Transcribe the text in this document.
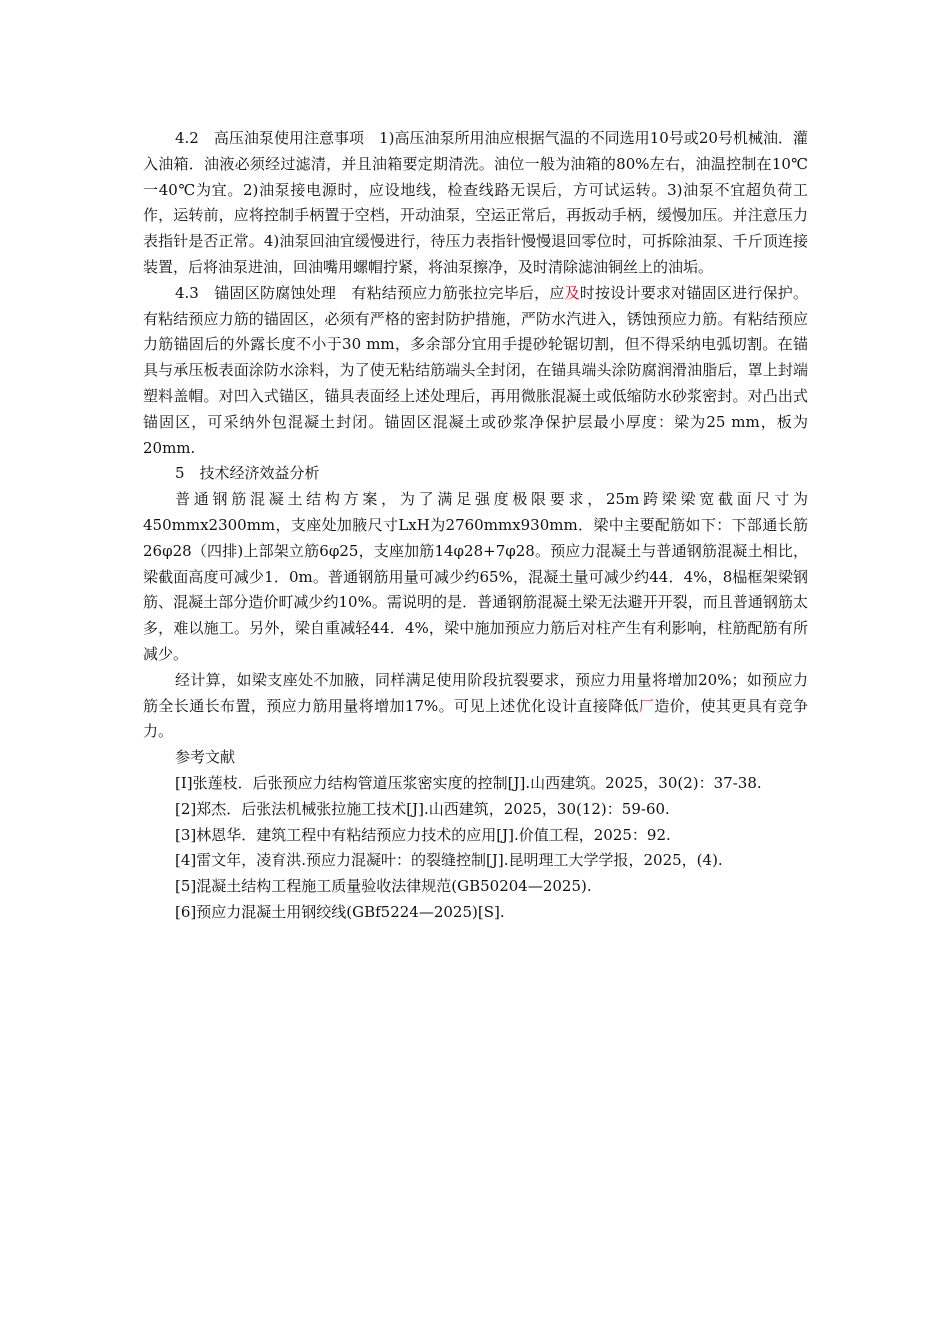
4.2　高压油泵使用注意事项　1)高压油泵所用油应根据气温的不同选用10号或20号机械油．灌入油箱．油液必须经过滤清，并且油箱要定期清洗。油位一般为油箱的80%左右，油温控制在10℃一40℃为宜。2)油泵接电源时，应设地线，检查线路无误后，方可试运转。3)油泵不宜超负荷工作，运转前，应将控制手柄置于空档，开动油泵，空运正常后，再扳动手柄，缓慢加压。并注意压力表指针是否正常。4)油泵回油宜缓慢进行，待压力表指针慢慢退回零位时，可拆除油泵、千斤顶连接装置，后将油泵进油，回油嘴用螺帽拧紧，将油泵擦净，及时清除滤油铜丝上的油垢。

4.3　锚固区防腐蚀处理　有粘结预应力筋张拉完毕后，应及时按设计要求对锚固区进行保护。有粘结预应力筋的锚固区，必须有严格的密封防护措施，严防水汽进入，锈蚀预应力筋。有粘结预应力筋锚固后的外露长度不小于30 mm，多余部分宜用手提砂轮锯切割，但不得采纳电弧切割。在锚具与承压板表面涂防水涂料，为了使无粘结筋端头全封闭，在锚具端头涂防腐润滑油脂后，罩上封端塑料盖帽。对凹入式锚区，锚具表面经上述处理后，再用微胀混凝土或低缩防水砂浆密封。对凸出式锚固区，可采纳外包混凝土封闭。锚固区混凝土或砂浆净保护层最小厚度：梁为25 mm，板为20mm.

5　技术经济效益分析

普通钢筋混凝土结构方案，为了满足强度极限要求，25m跨梁梁宽截面尺寸为450mmx2300mm，支座处加腋尺寸LxH为2760mmx930mm．梁中主要配筋如下：下部通长筋26φ28（四排)上部架立筋6φ25，支座加筋14φ28+7φ28。预应力混凝土与普通钢筋混凝土相比，梁截面高度可减少1．0m。普通钢筋用量可减少约65%，混凝土量可减少约44．4%，8榀框架梁钢筋、混凝土部分造价町减少约10%。需说明的是．普通钢筋混凝土梁无法避开开裂，而且普通钢筋太多，难以施工。另外，梁自重减轻44．4%，梁中施加预应力筋后对柱产生有利影响，柱筋配筋有所减少。

经计算，如梁支座处不加腋，同样满足使用阶段抗裂要求，预应力用量将增加20%；如预应力筋全长通长布置，预应力筋用量将增加17%。可见上述优化设计直接降低厂造价，使其更具有竞争力。

参考文献

[I]张莲枝．后张预应力结构管道压浆密实度的控制[J].山西建筑。2025，30(2)：37-38.

[2]郑杰．后张法机械张拉施工技术[J].山西建筑，2025，30(12)：59-60.

[3]林恩华．建筑工程中有粘结预应力技术的应用[J].价值工程，2025：92.

[4]雷文年，凌育洪.预应力混凝叶：的裂缝控制[J].昆明理工大学学报，2025，(4).

[5]混凝土结构工程施工质量验收法律规范(GB50204—2025).

[6]预应力混凝土用钢绞线(GBf5224—2025)[S].
